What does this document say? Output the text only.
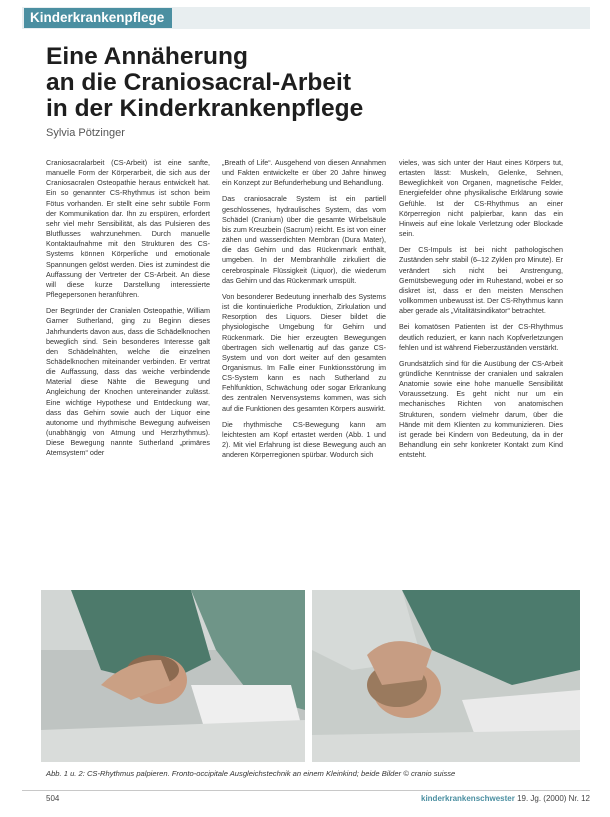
Kinderkrankenpflege
Eine Annäherung
an die Craniosacral-Arbeit
in der Kinderkrankenpflege
Sylvia Pötzinger

Craniosacralarbeit (CS-Arbeit) ist eine sanfte, manuelle Form der Körperarbeit, die sich aus der Craniosacralen Osteopathie heraus entwickelt hat. Ein so genannter CS-Rhythmus ist schon beim Fötus vorhanden. Er stellt eine sehr subtile Form der Kommunikation dar. Ihn zu erspüren, erfordert sehr viel mehr Sensibilität, als das Pulsieren des Blutflusses wahrzunehmen. Durch manuelle Kontaktaufnahme mit den Strukturen des CS-Systems können Körperliche und emotionale Spannungen gelöst werden. Dies ist zumindest die Auffassung der Vertreter der CS-Arbeit. An diese will diese kurze Darstellung interessierte Pflegepersonen heranführen.

Der Begründer der Cranialen Osteopathie, William Garner Sutherland, ging zu Beginn dieses Jahrhunderts davon aus, dass die Schädelknochen beweglich sind. Sein besonderes Interesse galt den Schädelnähten, welche die einzelnen Schädelknochen miteinander verbinden. Er vertrat die Auffassung, dass das weiche verbindende Material diese Nähte die Bewegung und Angleichung der Knochen untereinander zulässt. Eine wichtige Hypothese und Entdeckung war, dass das Gehirn sowie auch der Liquor eine autonome und rhythmische Bewegung aufweisen (unabhängig von Atmung und Herzrhythmus). Diese Bewegung nannte Sutherland „primäres Atemsystem“ oder

„Breath of Life“. Ausgehend von diesen Annahmen und Fakten entwickelte er über 20 Jahre hinweg ein Konzept zur Befunderhebung und Behandlung.

Das craniosacrale System ist ein partiell geschlossenes, hydraulisches System, das vom Schädel (Cranium) über die gesamte Wirbelsäule bis zum Kreuzbein (Sacrum) reicht. Es ist von einer zähen und wasserdichten Membran (Dura Mater), die das Gehirn und das Rückenmark enthält, umgeben. In der Membranhülle zirkuliert die cerebrospinale Flüssigkeit (Liquor), die wiederum das Gehirn und das Rückenmark umspült.

Von besonderer Bedeutung innerhalb des Systems ist die kontinuierliche Produktion, Zirkulation und Resorption des Liquors. Dieser bildet die physiologische Umgebung für Gehirn und Rückenmark. Die hier erzeugten Bewegungen übertragen sich wellenartig auf das ganze CS-System und von dort weiter auf den gesamten Organismus. Im Falle einer Funktionsstörung im CS-System kann es nach Sutherland zu Fehlfunktion, Schwächung oder sogar Erkrankung des zentralen Nervensystems kommen, was sich auf die Funktionen des gesamten Körpers auswirkt.

Die rhythmische CS-Bewegung kann am leichtesten am Kopf ertastet werden (Abb. 1 und 2). Mit viel Erfahrung ist diese Bewegung auch an anderen Körperregionen spürbar. Wodurch sich

vieles, was sich unter der Haut eines Körpers tut, ertasten lässt: Muskeln, Gelenke, Sehnen, Beweglichkeit von Organen, magnetische Felder, Energiefelder ohne physikalische Erklärung sowie Gefühle. Ist der CS-Rhythmus an einer Körperregion nicht palpierbar, kann das ein Hinweis auf eine lokale Verletzung oder Blockade sein.

Der CS-Impuls ist bei nicht pathologischen Zuständen sehr stabil (6–12 Zyklen pro Minute). Er verändert sich nicht bei Anstrengung, Gemütsbewegung oder im Ruhestand, wobei er so diskret ist, dass er den meisten Menschen vollkommen unbewusst ist. Der CS-Rhythmus kann aber gerade als „Vitalitätsindikator“ betrachtet.

Bei komatösen Patienten ist der CS-Rhythmus deutlich reduziert, er kann nach Kopfverletzungen fehlen und ist während Fieberzuständen verstärkt.

Grundsätzlich sind für die Ausübung der CS-Arbeit gründliche Kenntnisse der cranialen und sakralen Anatomie sowie eine hohe manuelle Sensibilität Voraussetzung. Es geht nicht nur um ein mechanisches Richten von anatomischen Strukturen, sondern vielmehr darum, über die Hände mit dem Klienten zu kommunizieren. Dies ist gerade bei Kindern von Bedeutung, da in der Behandlung ein sehr konkreter Kontakt zum Kind entsteht.

Abb. 1 u. 2: CS-Rhythmus palpieren. Fronto-occipitale Ausgleichstechnik an einem Kleinkind; beide Bilder © cranio suisse
504	kinderkrankenschwester 19. Jg. (2000) Nr. 12
